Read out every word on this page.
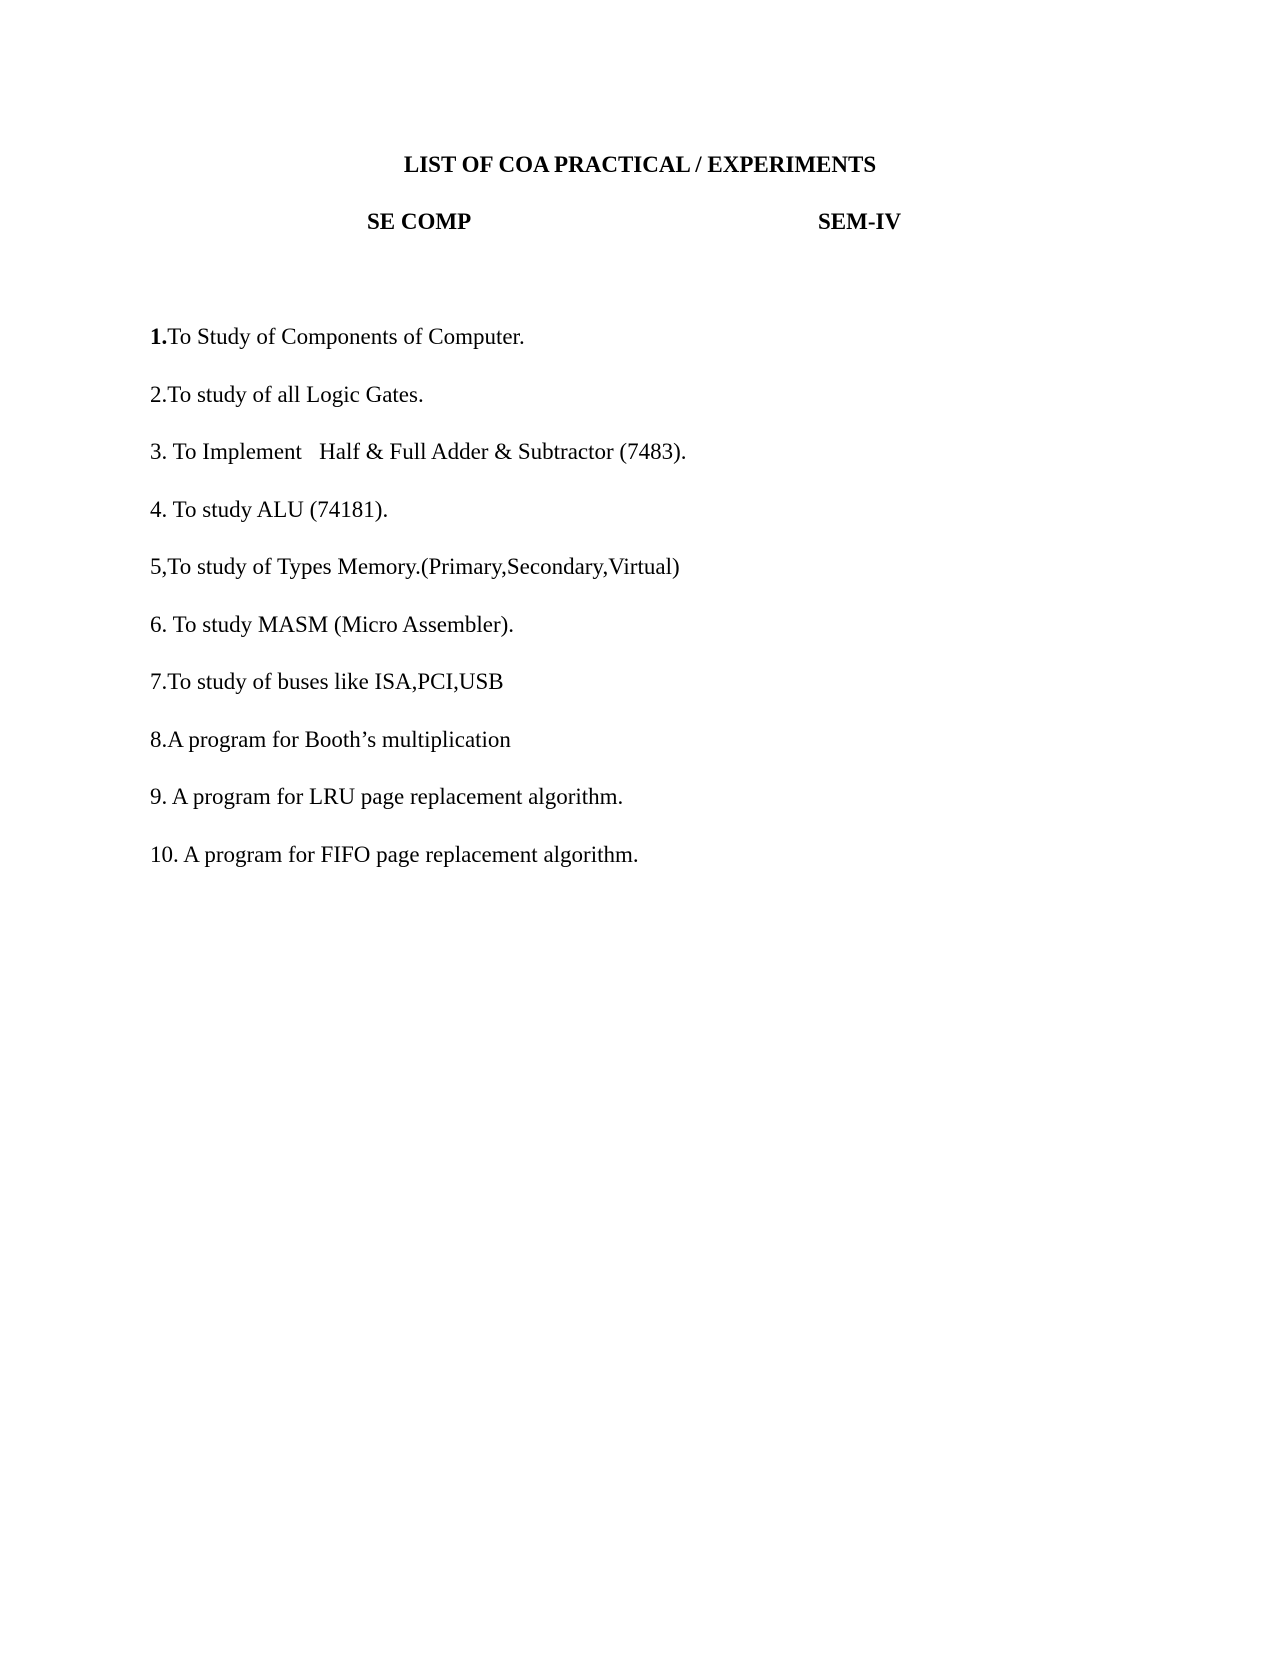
LIST OF COA PRACTICAL / EXPERIMENTS
SE COMP	SEM-IV
1.To Study of Components of Computer.
2.To study of all Logic Gates.
3. To Implement   Half & Full Adder & Subtractor (7483).
4. To study ALU (74181).
5,To study of Types Memory.(Primary,Secondary,Virtual)
6. To study MASM (Micro Assembler).
7.To study of buses like ISA,PCI,USB
8.A program for Booth’s multiplication
9. A program for LRU page replacement algorithm.
10. A program for FIFO page replacement algorithm.
